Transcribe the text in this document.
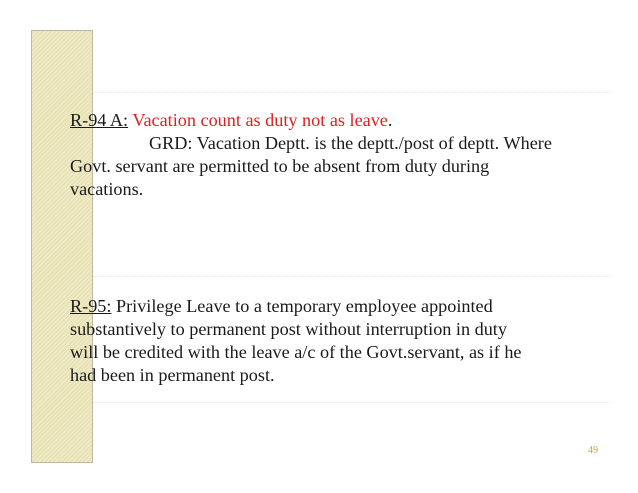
R-94 A: Vacation count as duty not as leave.
GRD: Vacation Deptt. is the deptt./post of deptt. Where
Govt. servant are permitted to be absent from duty during
vacations.
R-95: Privilege Leave to a temporary employee appointed
substantively to permanent post without interruption in duty
will be credited with the leave a/c of the Govt.servant, as if he
had been in permanent post.
49
